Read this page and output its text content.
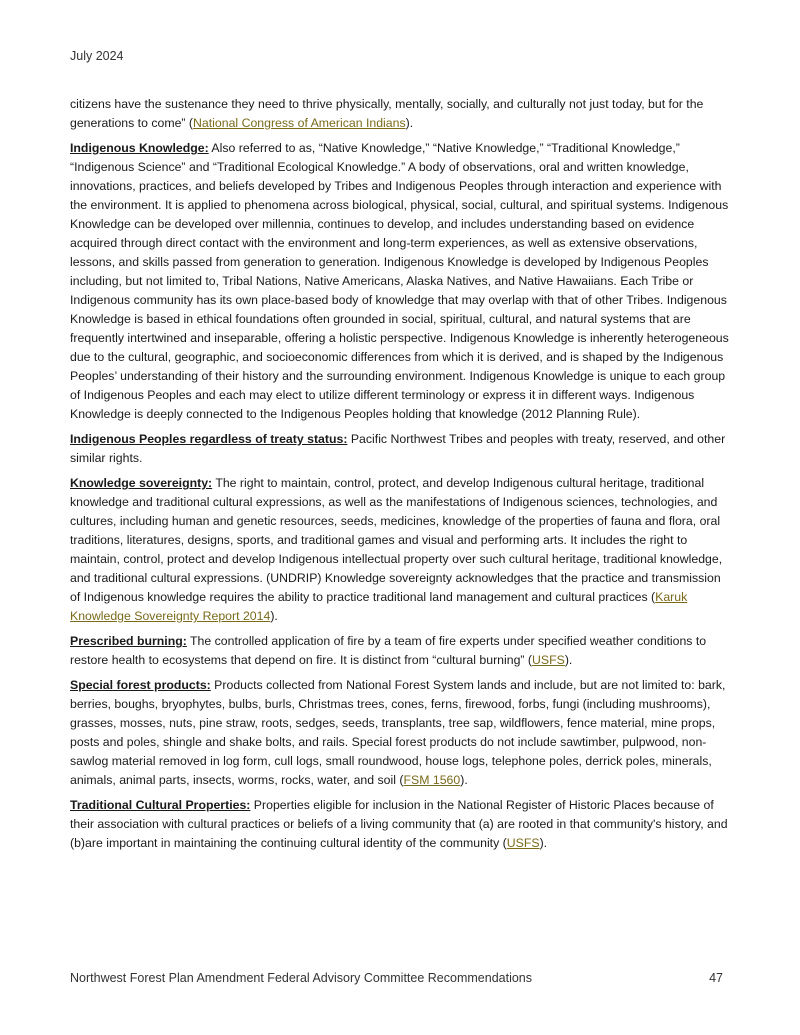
July 2024

citizens have the sustenance they need to thrive physically, mentally, socially, and culturally not just today, but for the generations to come” (National Congress of American Indians).

Indigenous Knowledge: Also referred to as, “Native Knowledge,” “Native Knowledge,” “Traditional Knowledge,” “Indigenous Science” and “Traditional Ecological Knowledge.” A body of observations, oral and written knowledge, innovations, practices, and beliefs developed by Tribes and Indigenous Peoples through interaction and experience with the environment. It is applied to phenomena across biological, physical, social, cultural, and spiritual systems. Indigenous Knowledge can be developed over millennia, continues to develop, and includes understanding based on evidence acquired through direct contact with the environment and long-term experiences, as well as extensive observations, lessons, and skills passed from generation to generation. Indigenous Knowledge is developed by Indigenous Peoples including, but not limited to, Tribal Nations, Native Americans, Alaska Natives, and Native Hawaiians. Each Tribe or Indigenous community has its own place-based body of knowledge that may overlap with that of other Tribes. Indigenous Knowledge is based in ethical foundations often grounded in social, spiritual, cultural, and natural systems that are frequently intertwined and inseparable, offering a holistic perspective. Indigenous Knowledge is inherently heterogeneous due to the cultural, geographic, and socioeconomic differences from which it is derived, and is shaped by the Indigenous Peoples’ understanding of their history and the surrounding environment. Indigenous Knowledge is unique to each group of Indigenous Peoples and each may elect to utilize different terminology or express it in different ways. Indigenous Knowledge is deeply connected to the Indigenous Peoples holding that knowledge (2012 Planning Rule).

Indigenous Peoples regardless of treaty status: Pacific Northwest Tribes and peoples with treaty, reserved, and other similar rights.

Knowledge sovereignty: The right to maintain, control, protect, and develop Indigenous cultural heritage, traditional knowledge and traditional cultural expressions, as well as the manifestations of Indigenous sciences, technologies, and cultures, including human and genetic resources, seeds, medicines, knowledge of the properties of fauna and flora, oral traditions, literatures, designs, sports, and traditional games and visual and performing arts. It includes the right to maintain, control, protect and develop Indigenous intellectual property over such cultural heritage, traditional knowledge, and traditional cultural expressions. (UNDRIP) Knowledge sovereignty acknowledges that the practice and transmission of Indigenous knowledge requires the ability to practice traditional land management and cultural practices (Karuk Knowledge Sovereignty Report 2014).

Prescribed burning: The controlled application of fire by a team of fire experts under specified weather conditions to restore health to ecosystems that depend on fire. It is distinct from “cultural burning” (USFS).

Special forest products: Products collected from National Forest System lands and include, but are not limited to: bark, berries, boughs, bryophytes, bulbs, burls, Christmas trees, cones, ferns, firewood, forbs, fungi (including mushrooms), grasses, mosses, nuts, pine straw, roots, sedges, seeds, transplants, tree sap, wildflowers, fence material, mine props, posts and poles, shingle and shake bolts, and rails. Special forest products do not include sawtimber, pulpwood, non-sawlog material removed in log form, cull logs, small roundwood, house logs, telephone poles, derrick poles, minerals, animals, animal parts, insects, worms, rocks, water, and soil (FSM 1560).

Traditional Cultural Properties: Properties eligible for inclusion in the National Register of Historic Places because of their association with cultural practices or beliefs of a living community that (a) are rooted in that community's history, and (b)are important in maintaining the continuing cultural identity of the community (USFS).

Northwest Forest Plan Amendment Federal Advisory Committee Recommendations	47
